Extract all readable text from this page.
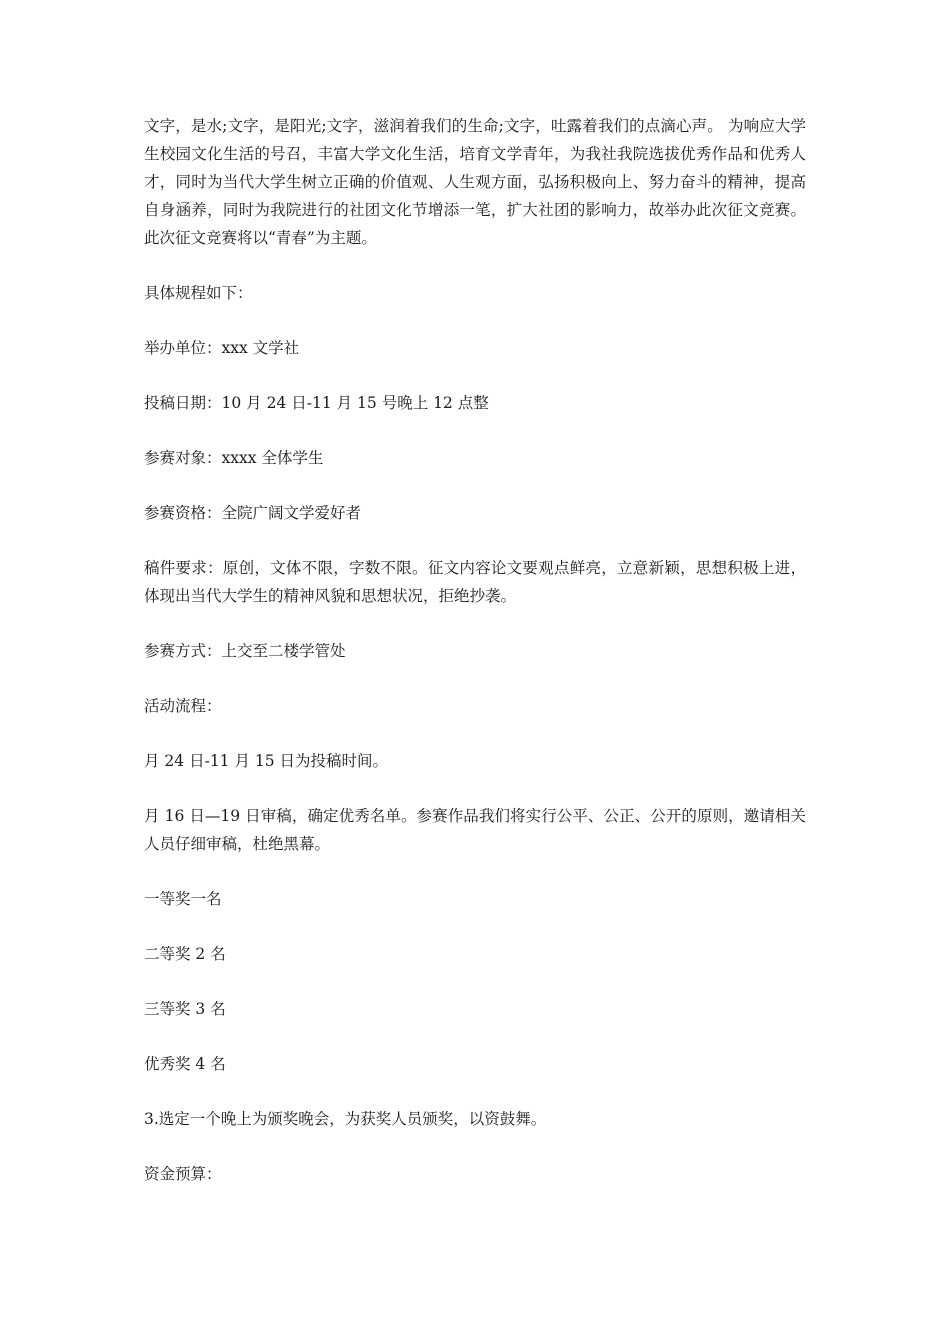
文字，是水;文字，是阳光;文字，滋润着我们的生命;文字，吐露着我们的点滴心声。 为响应大学生校园文化生活的号召，丰富大学文化生活，培育文学青年，为我社我院选拔优秀作品和优秀人才，同时为当代大学生树立正确的价值观、人生观方面，弘扬积极向上、努力奋斗的精神，提高自身涵养，同时为我院进行的社团文化节增添一笔，扩大社团的影响力，故举办此次征文竞赛。此次征文竞赛将以“青春”为主题。

具体规程如下：

举办单位：xxx 文学社

投稿日期：10 月 24 日-11 月 15 号晚上 12 点整

参赛对象：xxxx 全体学生

参赛资格：全院广阔文学爱好者

稿件要求：原创，文体不限，字数不限。征文内容论文要观点鲜亮，立意新颖，思想积极上进，体现出当代大学生的精神风貌和思想状况，拒绝抄袭。

参赛方式：上交至二楼学管处

活动流程：

月 24 日-11 月 15 日为投稿时间。

月 16 日—19 日审稿，确定优秀名单。参赛作品我们将实行公平、公正、公开的原则，邀请相关人员仔细审稿，杜绝黑幕。

一等奖一名

二等奖 2 名

三等奖 3 名

优秀奖 4 名

3.选定一个晚上为颁奖晚会，为获奖人员颁奖，以资鼓舞。

资金预算：
